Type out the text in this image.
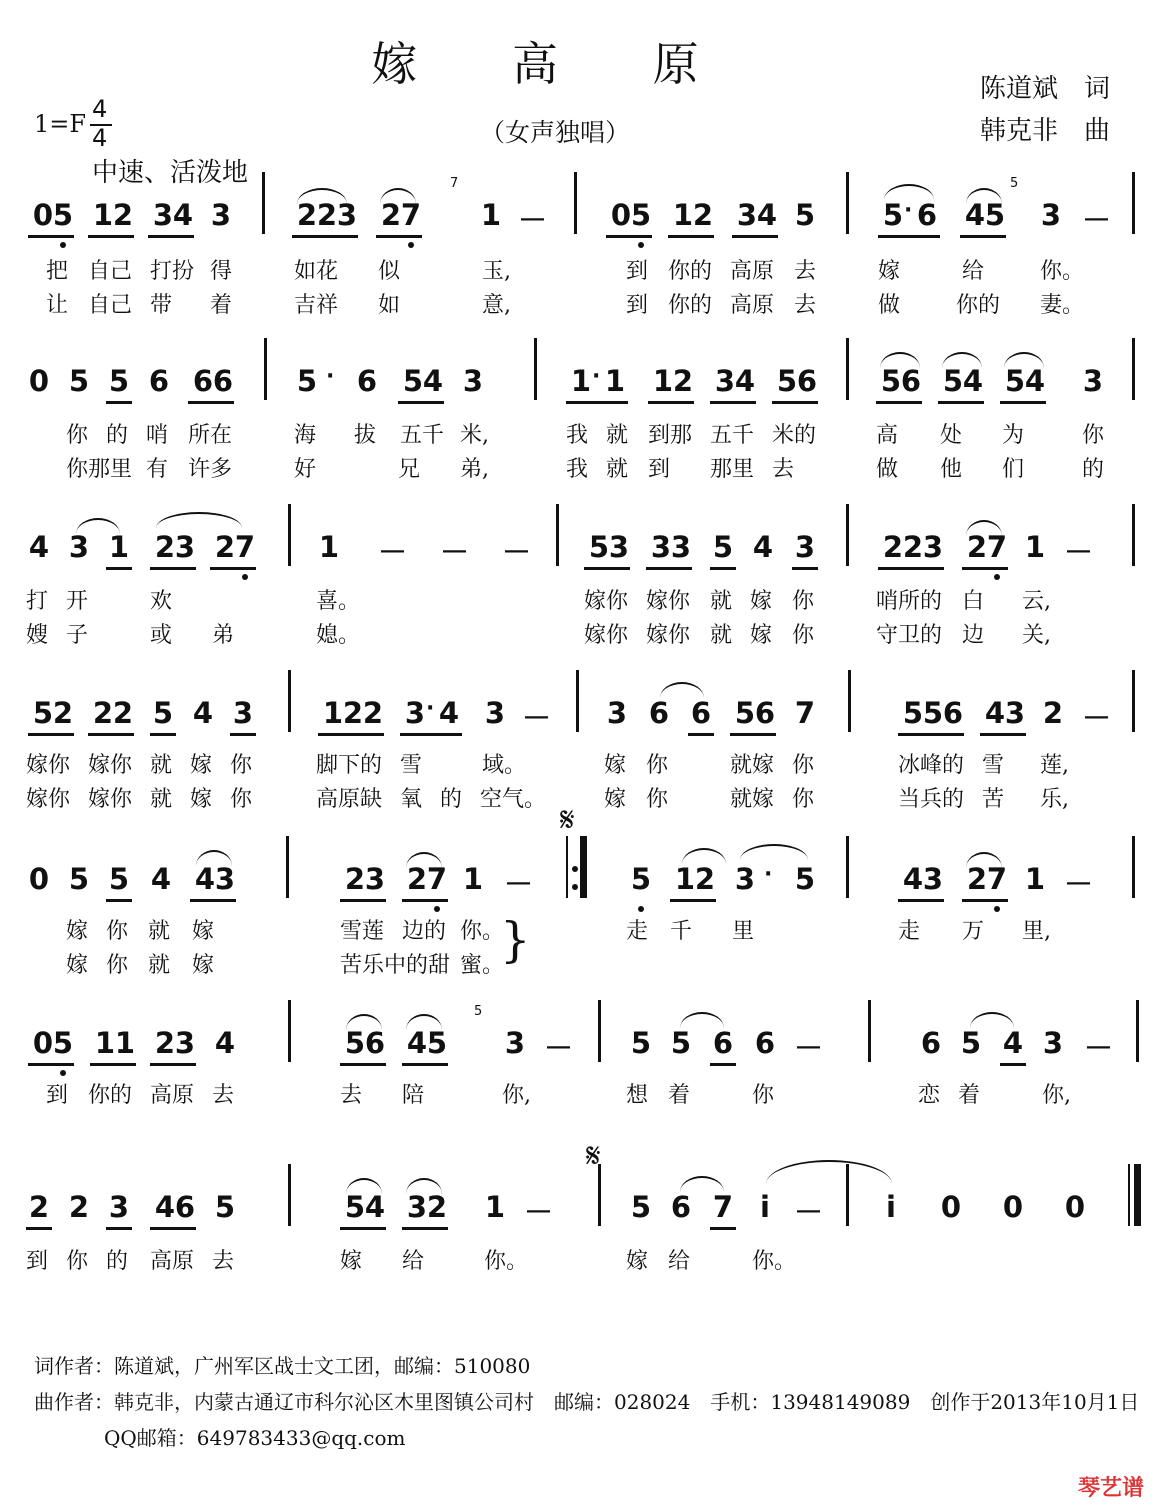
嫁 高 原
（女声独唱）
陈道斌　词
韩克非　曲
1=F
4
4
中速、活泼地
0 5 1 2 3 4 3 2 2 3 2 7
7
1 － 0 5 1 2 3 4 5 5 · 6 4 5
5
3 －
把 自己 打扮 得	如花 似	玉,	到 你的 高原 去	嫁	给	你。
让 自己 带 着	吉祥 如	意,	到 你的 高原 去	做	你的 妻。
0 5 5 6 6 6 5 · 6 5 4 3	1 · 1 1 2 3 4 5 6 5 6 5 4 5 4 3
你 的 哨 所在	海 拔 五千 米,	我 就 到那 五千 米的	高 处 为	你
你那里 有 许多	好	兄 弟,	我 就 到 那里 去	做 他 们	的
4 3 1 2 3 2 7 1 － － － 5 3 3 3 5 4 3 2 2 3 2 7 1 －
打 开	欢	喜。	嫁你 嫁你 就 嫁 你	哨所的 白 云,
嫂 子	或 弟	媳。	嫁你 嫁你 就 嫁 你	守卫的 边 关,
5 2 2 2 5 4 3 1 2 2 3 · 4 3 － 3 6 6 5 6 7	5 5 6 4 3 2 －
嫁你 嫁你 就 嫁 你	脚下的 雪	域。	嫁 你	就嫁 你	冰峰的 雪 莲,
嫁你 嫁你 就 嫁 你	高原缺 氧 的 空气。	嫁 你	就嫁 你	当兵的 苦 乐,
0 5 5 4 4 3	2 3 2 7 1 －
𝄋
5 1 2 3 · 5	4 3 2 7 1 －
嫁 你 就 嫁	雪莲 边的 你。	走 千 里	走 万 里,
嫁 你 就 嫁	苦乐中的甜 蜜。
}
0 5 1 1 2 3 4	5 6 4 5
5
3 － 5 5 6 6 －	6 5 4 3 －
到 你的 高原 去	去 陪	你,	想 着	你	恋 着	你,
2 2 3 4 6 5	5 4 3 2 1 －
𝄋
5 6 7 i － i 0 0 0
到 你 的 高原 去	嫁 给	你。	嫁 给	你。
词作者：陈道斌，广州军区战士文工团，邮编：510080
曲作者：韩克非，内蒙古通辽市科尔沁区木里图镇公司村　邮编：028024　手机：13948149089　创作于2013年10月1日
QQ邮箱：649783433@qq.com
琴艺谱
